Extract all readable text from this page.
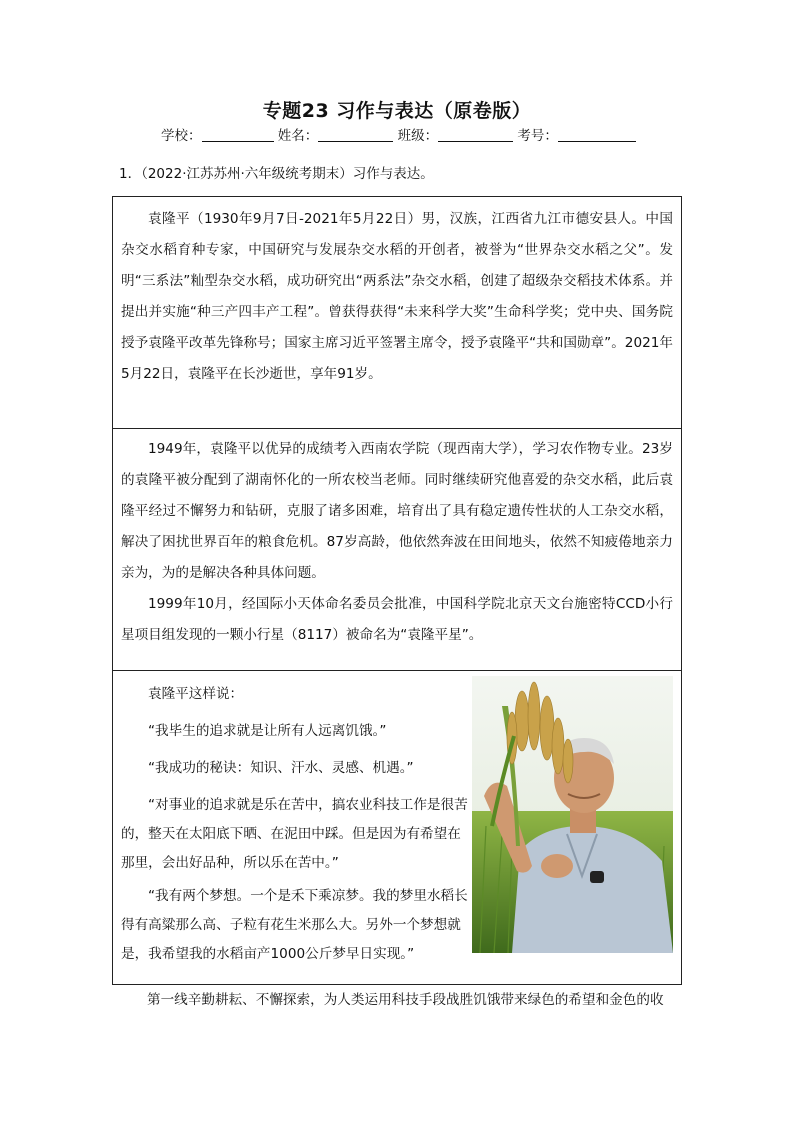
专题23 习作与表达（原卷版）
学校：	姓名：	班级：	考号：
1．（2022·江苏苏州·六年级统考期末）习作与表达。

袁隆平（1930年9月7日-2021年5月22日）男，汉族，江西省九江市德安县人。中国杂交水稻育种专家，中国研究与发展杂交水稻的开创者，被誉为“世界杂交水稻之父”。发明“三系法”籼型杂交水稻，成功研究出“两系法”杂交水稻，创建了超级杂交稻技术体系。并提出并实施“种三产四丰产工程”。曾获得获得“未来科学大奖”生命科学奖；党中央、国务院授予袁隆平改革先锋称号；国家主席习近平签署主席令，授予袁隆平“共和国勋章”。2021年5月22日，袁隆平在长沙逝世，享年91岁。

1949年，袁隆平以优异的成绩考入西南农学院（现西南大学），学习农作物专业。23岁的袁隆平被分配到了湖南怀化的一所农校当老师。同时继续研究他喜爱的杂交水稻，此后袁隆平经过不懈努力和钻研，克服了诸多困难，培育出了具有稳定遗传性状的人工杂交水稻，解决了困扰世界百年的粮食危机。87岁高龄，他依然奔波在田间地头，依然不知疲倦地亲力亲为，为的是解决各种具体问题。

1999年10月，经国际小天体命名委员会批准，中国科学院北京天文台施密特CCD小行星项目组发现的一颗小行星（8117）被命名为“袁隆平星”。

袁隆平这样说：

“我毕生的追求就是让所有人远离饥饿。”

“我成功的秘诀：知识、汗水、灵感、机遇。”

“对事业的追求就是乐在苦中，搞农业科技工作是很苦的，整天在太阳底下晒、在泥田中踩。但是因为有希望在那里，会出好品种，所以乐在苦中。”

“我有两个梦想。一个是禾下乘凉梦。我的梦里水稻长得有高粱那么高、子粒有花生米那么大。另外一个梦想就是，我希望我的水稻亩产1000公斤梦早日实现。”

第一线辛勤耕耘、不懈探索，为人类运用科技手段战胜饥饿带来绿色的希望和金色的收
